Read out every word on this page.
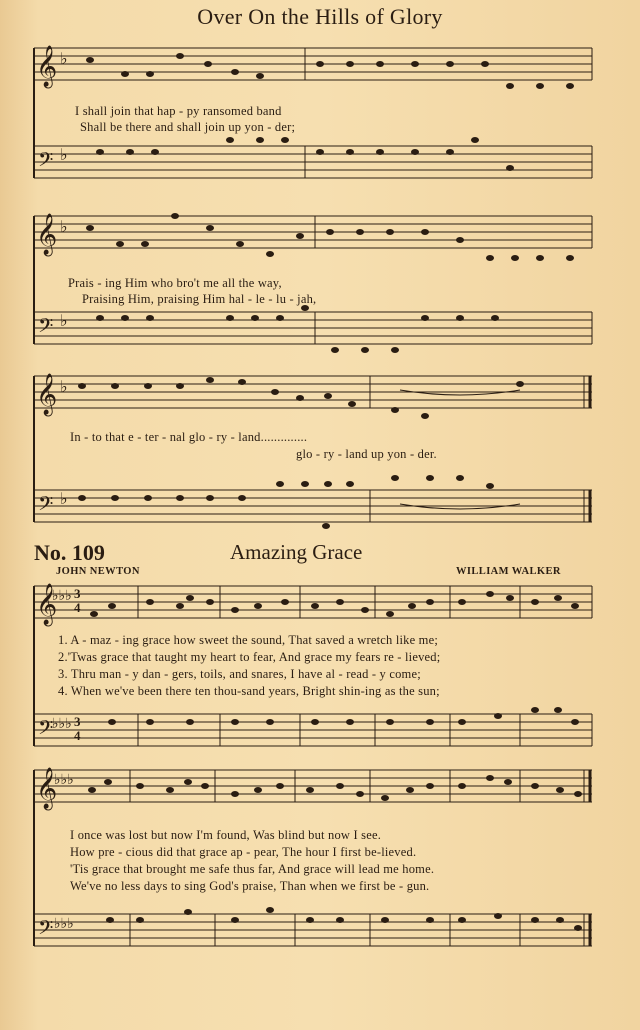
Over On the Hills of Glory
𝄞 ♭
𝄢 ♭
I shall join that hap - py ransomed band
Shall be there and shall join up yon - der;
𝄞 ♭
𝄢 ♭
Prais - ing Him who bro't me all the way,
Praising Him, praising Him hal - le - lu - jah,
𝄞 ♭
𝄢 ♭
In - to that e - ter - nal glo - ry - land..............
glo - ry - land up yon - der.
No. 109	Amazing Grace
JOHN NEWTON	WILLIAM WALKER
𝄞
♭♭♭ 3
4
𝄢
♭♭♭ 3
4
1. A - maz - ing grace how sweet the sound, That saved a wretch like me;
2.'Twas grace that taught my heart to fear, And grace my fears re - lieved;
3. Thru man - y dan - gers, toils, and snares, I have al - read - y come;
4. When we've been there ten thou-sand years, Bright shin-ing as the sun;
𝄞
♭♭♭
𝄢 ♭♭♭
I once was lost but now I'm found, Was blind but now I see.
How pre - cious did that grace ap - pear, The hour I first be-lieved.
'Tis grace that brought me safe thus far, And grace will lead me home.
We've no less days to sing God's praise, Than when we first be - gun.
